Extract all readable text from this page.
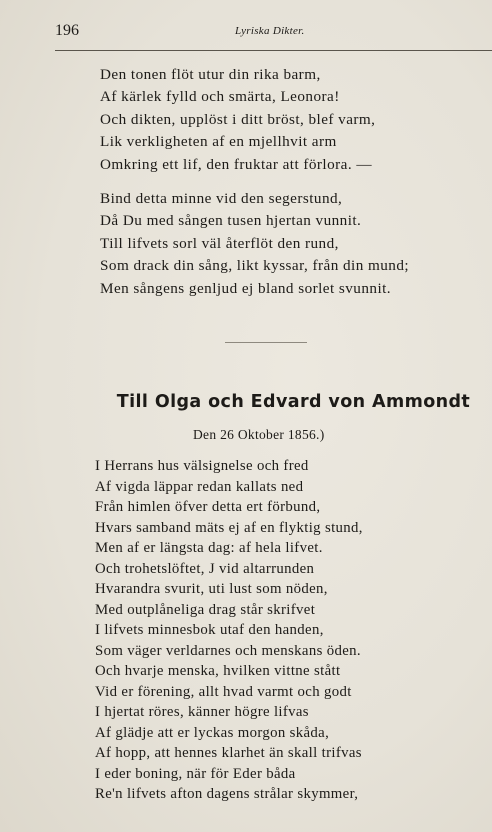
196	Lyriska Dikter.
Den tonen flöt utur din rika barm,
Af kärlek fylld och smärta, Leonora!
Och dikten, upplöst i ditt bröst, blef varm,
Lik verkligheten af en mjellhvit arm
Omkring ett lif, den fruktar att förlora. —
Bind detta minne vid den segerstund,
Då Du med sången tusen hjertan vunnit.
Till lifvets sorl väl återflöt den rund,
Som drack din sång, likt kyssar, från din mund;
Men sångens genljud ej bland sorlet svunnit.
Till Olga och Edvard von Ammondt
Den 26 Oktober 1856.)
I Herrans hus välsignelse och fred
Af vigda läppar redan kallats ned
Från himlen öfver detta ert förbund,
Hvars samband mäts ej af en flyktig stund,
Men af er längsta dag: af hela lifvet.
Och trohetslöftet, J vid altarrunden
Hvarandra svurit, uti lust som nöden,
Med outplåneliga drag står skrifvet
I lifvets minnesbok utaf den handen,
Som väger verldarnes och menskans öden.
Och hvarje menska, hvilken vittne stått
Vid er förening, allt hvad varmt och godt
I hjertat röres, känner högre lifvas
Af glädje att er lyckas morgon skåda,
Af hopp, att hennes klarhet än skall trifvas
I eder boning, när för Eder båda
Re'n lifvets afton dagens strålar skymmer,
